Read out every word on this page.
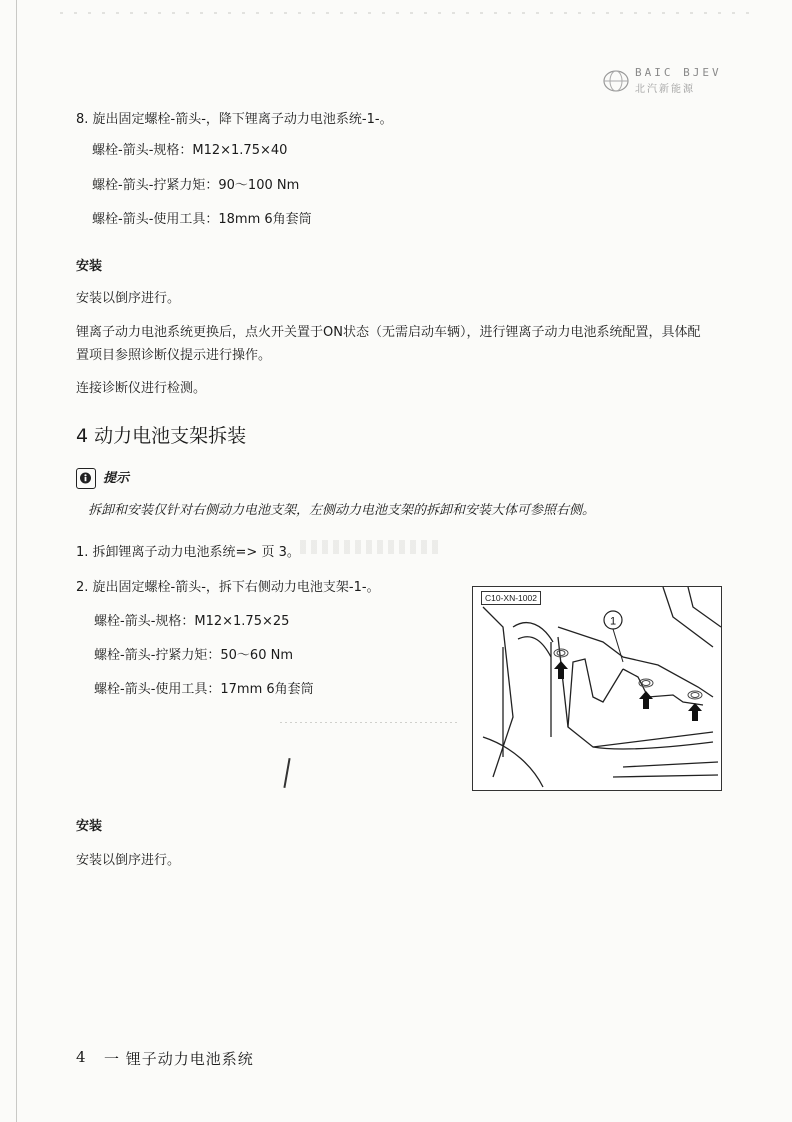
BAIC BJEV
北汽新能源
8. 旋出固定螺栓-箭头-，降下锂离子动力电池系统-1-。
螺栓-箭头-规格：M12×1.75×40
螺栓-箭头-拧紧力矩：90～100 Nm
螺栓-箭头-使用工具：18mm 6角套筒
安装
安装以倒序进行。
锂离子动力电池系统更换后，点火开关置于ON状态（无需启动车辆），进行锂离子动力电池系统配置，具体配
置项目参照诊断仪提示进行操作。
连接诊断仪进行检测。
4 动力电池支架拆装
提示
拆卸和安装仅针对右侧动力电池支架，左侧动力电池支架的拆卸和安装大体可参照右侧。
1. 拆卸锂离子动力电池系统=> 页 3。
2. 旋出固定螺栓-箭头-，拆下右侧动力电池支架-1-。
螺栓-箭头-规格：M12×1.75×25
螺栓-箭头-拧紧力矩：50～60 Nm
螺栓-箭头-使用工具：17mm 6角套筒
1
C10-XN-1002
安装
安装以倒序进行。
4 一 锂子动力电池系统
